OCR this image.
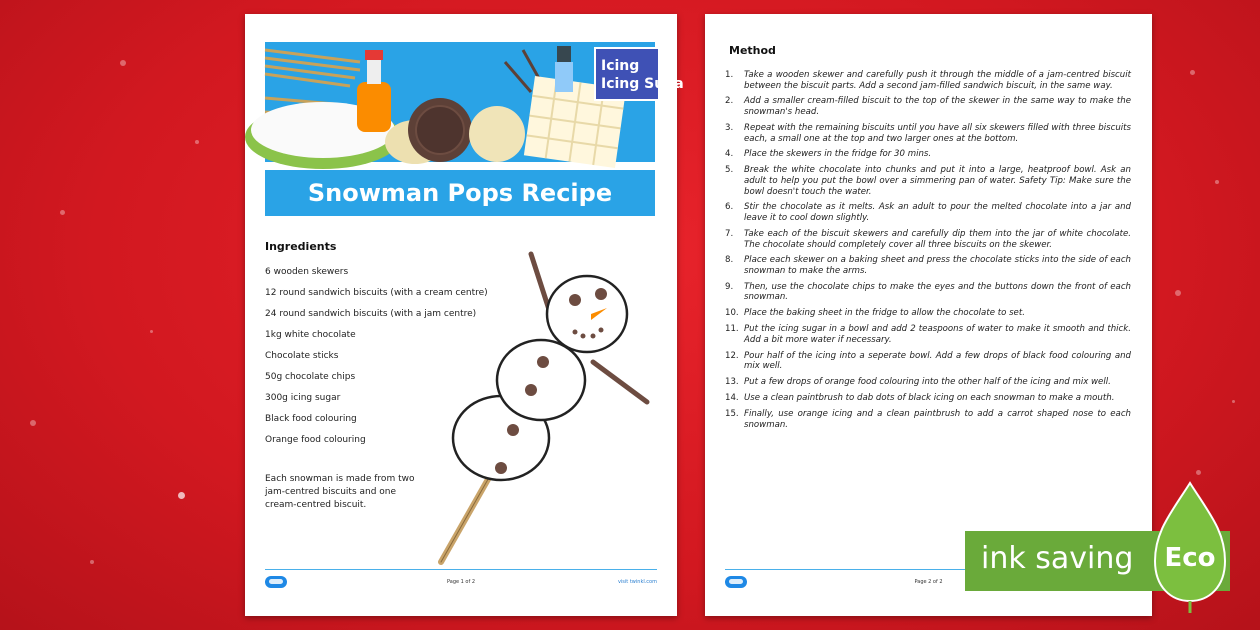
Icing
Icing Suga
Snowman Pops Recipe
Ingredients
6 wooden skewers
12 round sandwich biscuits (with a cream centre)
24 round sandwich biscuits (with a jam centre)
1kg white chocolate
Chocolate sticks
50g chocolate chips
300g icing sugar
Black food colouring
Orange food colouring
Each snowman is made from two jam-centred biscuits and one cream-centred biscuit.
Page 1 of 2	visit twinkl.com
Method
1. Take a wooden skewer and carefully push it through the middle of a jam-centred biscuit between the biscuit parts. Add a second jam-filled sandwich biscuit, in the same way.
2. Add a smaller cream-filled biscuit to the top of the skewer in the same way to make the snowman's head.
3. Repeat with the remaining biscuits until you have all six skewers filled with three biscuits each, a small one at the top and two larger ones at the bottom.
4. Place the skewers in the fridge for 30 mins.
5. Break the white chocolate into chunks and put it into a large, heatproof bowl. Ask an adult to help you put the bowl over a simmering pan of water. Safety Tip: Make sure the bowl doesn't touch the water.
6. Stir the chocolate as it melts. Ask an adult to pour the melted chocolate into a jar and leave it to cool down slightly.
7. Take each of the biscuit skewers and carefully dip them into the jar of white chocolate. The chocolate should completely cover all three biscuits on the skewer.
8. Place each skewer on a baking sheet and press the chocolate sticks into the side of each snowman to make the arms.
9. Then, use the chocolate chips to make the eyes and the buttons down the front of each snowman.
10. Place the baking sheet in the fridge to allow the chocolate to set.
11. Put the icing sugar in a bowl and add 2 teaspoons of water to make it smooth and thick. Add a bit more water if necessary.
12. Pour half of the icing into a seperate bowl. Add a few drops of black food colouring and mix well.
13. Put a few drops of orange food colouring into the other half of the icing and mix well.
14. Use a clean paintbrush to dab dots of black icing on each snowman to make a mouth.
15. Finally, use orange icing and a clean paintbrush to add a carrot shaped nose to each snowman.
Page 2 of 2
ink saving Eco
